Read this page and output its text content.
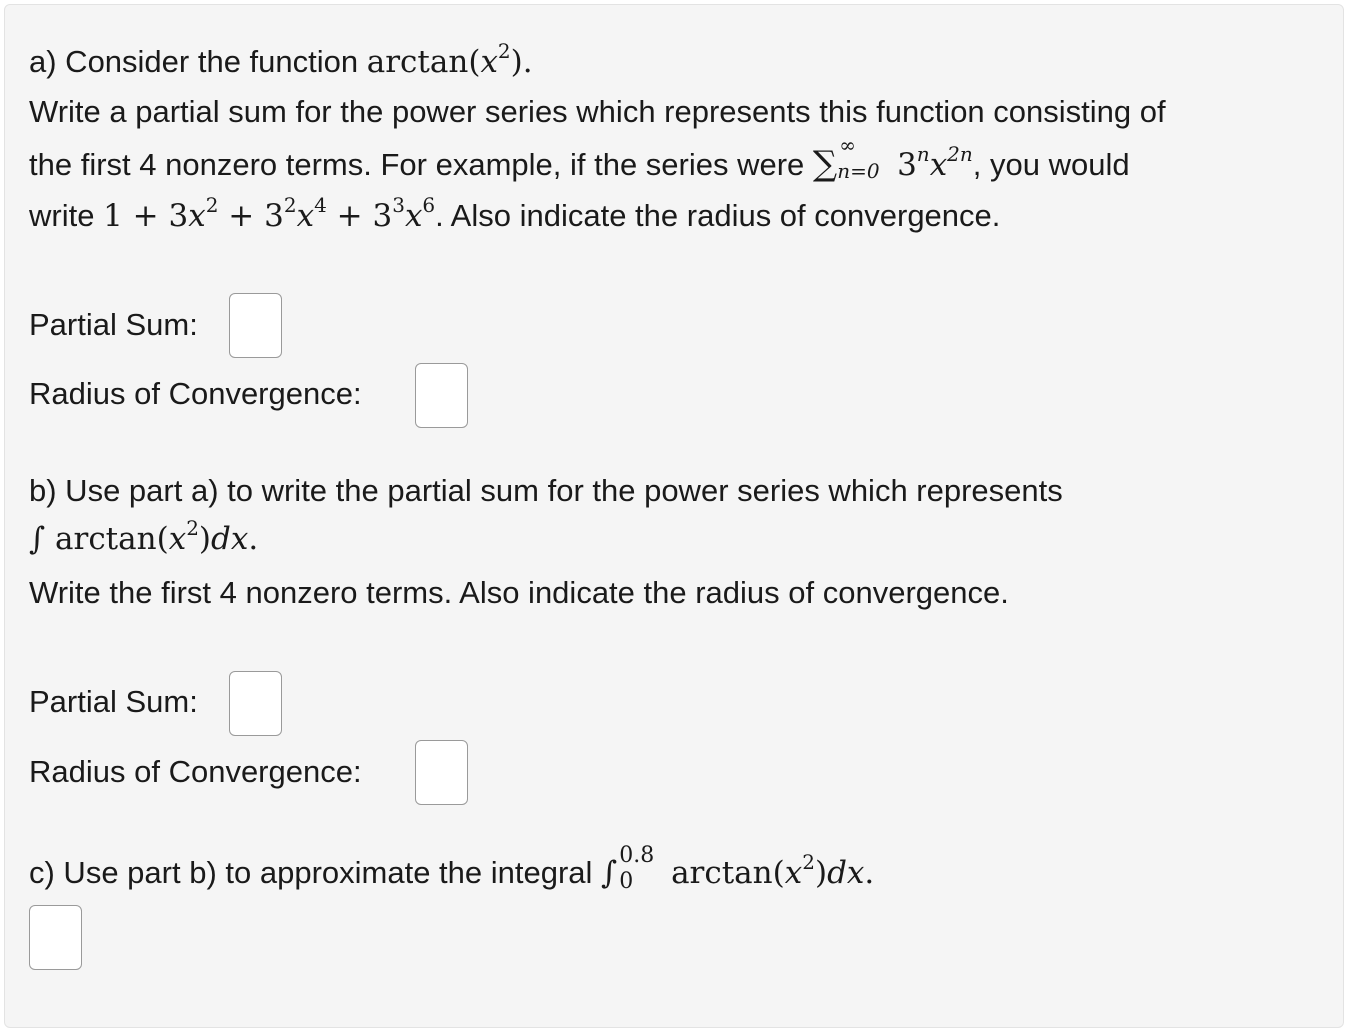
a) Consider the function $\arctan(x^2)$.
Write a partial sum for the power series which represents this function consisting of
the first 4 nonzero terms. For example, if the series were ∑ ∞
n=0 $3^nx^{2n}$, you would
write $1 + 3x^2 + 3^2x^4 + 3^3x^6$. Also indicate the radius of convergence.
Partial Sum:
Radius of Convergence:
b) Use part a) to write the partial sum for the power series which represents
∫ $\arctan(x^2)dx$.
Write the first 4 nonzero terms. Also indicate the radius of convergence.
Partial Sum:
Radius of Convergence:
c) Use part b) to approximate the integral ∫ 0.8
0 $\arctan(x^2)dx$.
